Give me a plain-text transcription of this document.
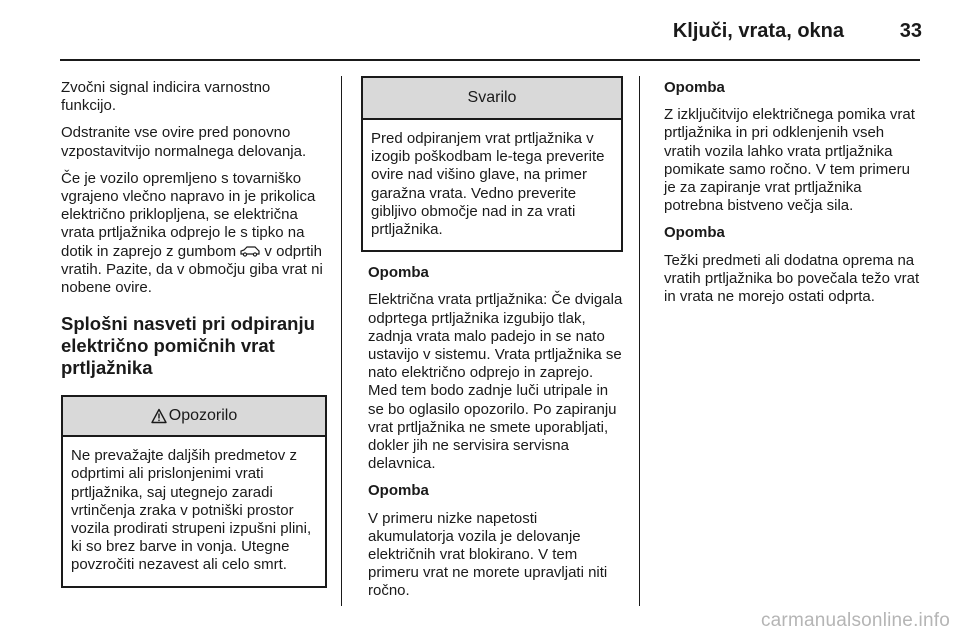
Ključi, vrata, okna	33

Zvočni signal indicira varnostno funkcijo.

Odstranite vse ovire pred ponovno vzpostavitvijo normalnega delovanja.

Če je vozilo opremljeno s tovarniško vgrajeno vlečno napravo in je prikolica električno priklopljena, se električna vrata prtljažnika odprejo le s tipko na dotik in zaprejo z gumbom  v odprtih vratih. Pazite, da v območju giba vrat ni nobene ovire.

Splošni nasveti pri odpiranju električno pomičnih vrat prtljažnika
Opozorilo
Ne prevažajte daljših predmetov z odprtimi ali prislonjenimi vrati prtljažnika, saj utegnejo zaradi vrtinčenja zraka v potniški prostor vozila prodirati strupeni izpušni plini, ki so brez barve in vonja. Utegne povzročiti nezavest ali celo smrt.
Svarilo
Pred odpiranjem vrat prtljažnika v izogib poškodbam le-tega preverite ovire nad višino glave, na primer garažna vrata. Vedno preverite gibljivo območje nad in za vrati prtljažnika.

Opomba

Električna vrata prtljažnika: Če dvigala odprtega prtljažnika izgubijo tlak, zadnja vrata malo padejo in se nato ustavijo v sistemu. Vrata prtljažnika se nato električno odprejo in zaprejo. Med tem bodo zadnje luči utripale in se bo oglasilo opozorilo. Po zapiranju vrat prtljažnika ne smete uporabljati, dokler jih ne servisira servisna delavnica.

Opomba

V primeru nizke napetosti akumulatorja vozila je delovanje električnih vrat blokirano. V tem primeru vrat ne morete upravljati niti ročno.

Opomba

Z izključitvijo električnega pomika vrat prtljažnika in pri odklenjenih vseh vratih vozila lahko vrata prtljažnika pomikate samo ročno. V tem primeru je za zapiranje vrat prtljažnika potrebna bistveno večja sila.

Opomba

Težki predmeti ali dodatna oprema na vratih prtljažnika bo povečala težo vrat in vrata ne morejo ostati odprta.

carmanualsonline.info
